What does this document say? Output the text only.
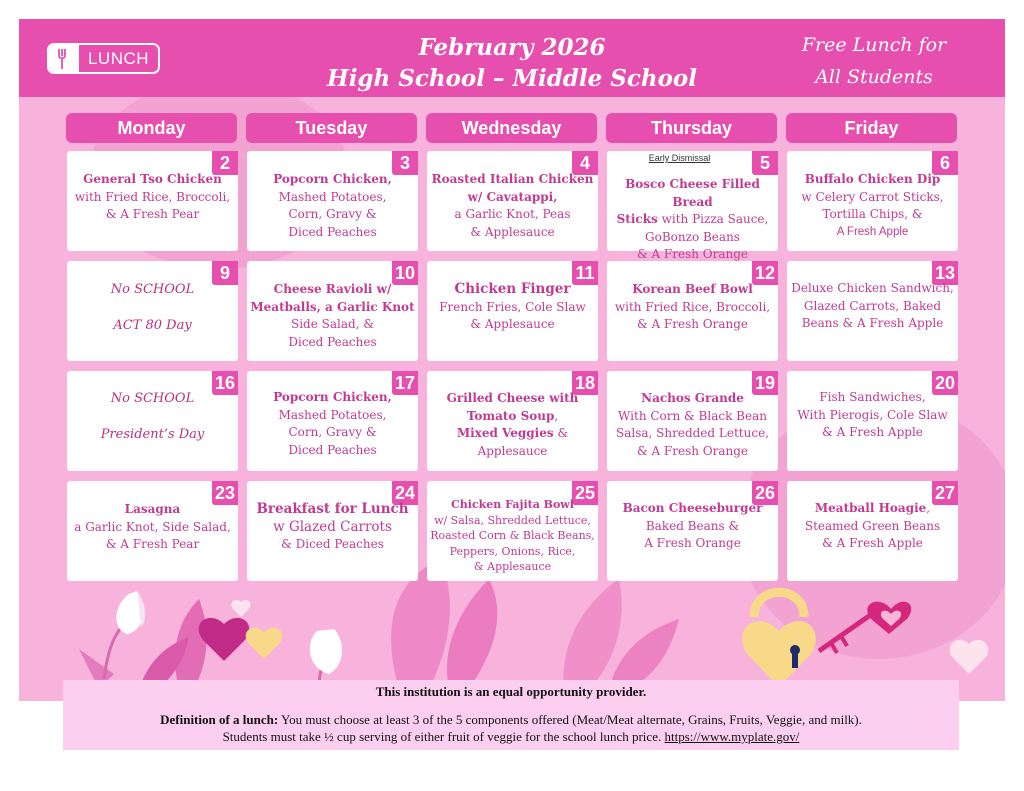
LUNCH	February 2026
High School – Middle School
Free Lunch for
All Students
Monday	Tuesday	Wednesday	Thursday	Friday
2
General Tso Chicken
with Fried Rice, Broccoli,
& A Fresh Pear
3
Popcorn Chicken,
Mashed Potatoes,
Corn, Gravy &
Diced Peaches
4
Roasted Italian Chicken
w/ Cavatappi,
a Garlic Knot, Peas
& Applesauce
Early Dismissal	5
Bosco Cheese Filled Bread
Sticks with Pizza Sauce,
GoBonzo Beans
& A Fresh Orange
6
Buffalo Chicken Dip
w Celery Carrot Sticks,
Tortilla Chips, &
A Fresh Apple
9
No SCHOOL
ACT 80 Day
10
Cheese Ravioli w/
Meatballs, a Garlic Knot
Side Salad, &
Diced Peaches
11
Chicken Finger
French Fries, Cole Slaw
& Applesauce
12
Korean Beef Bowl
with Fried Rice, Broccoli,
& A Fresh Orange
13
Deluxe Chicken Sandwich,
Glazed Carrots, Baked
Beans & A Fresh Apple
16
No SCHOOL
President’s Day
17
Popcorn Chicken,
Mashed Potatoes,
Corn, Gravy &
Diced Peaches
18
Grilled Cheese with
Tomato Soup,
Mixed Veggies &
Applesauce
19
Nachos Grande
With Corn & Black Bean
Salsa, Shredded Lettuce,
& A Fresh Orange
20
Fish Sandwiches,
With Pierogis, Cole Slaw
& A Fresh Apple
23
Lasagna
a Garlic Knot, Side Salad,
& A Fresh Pear
24
Breakfast for Lunch
w Glazed Carrots
& Diced Peaches
25
Chicken Fajita Bowl
w/ Salsa, Shredded Lettuce,
Roasted Corn & Black Beans,
Peppers, Onions, Rice,
& Applesauce
26
Bacon Cheeseburger
Baked Beans &
A Fresh Orange
27
Meatball Hoagie,
Steamed Green Beans
& A Fresh Apple
This institution is an equal opportunity provider.
Definition of a lunch: You must choose at least 3 of the 5 components offered (Meat/Meat alternate, Grains, Fruits, Veggie, and milk).
Students must take ½ cup serving of either fruit of veggie for the school lunch price. https://www.myplate.gov/
